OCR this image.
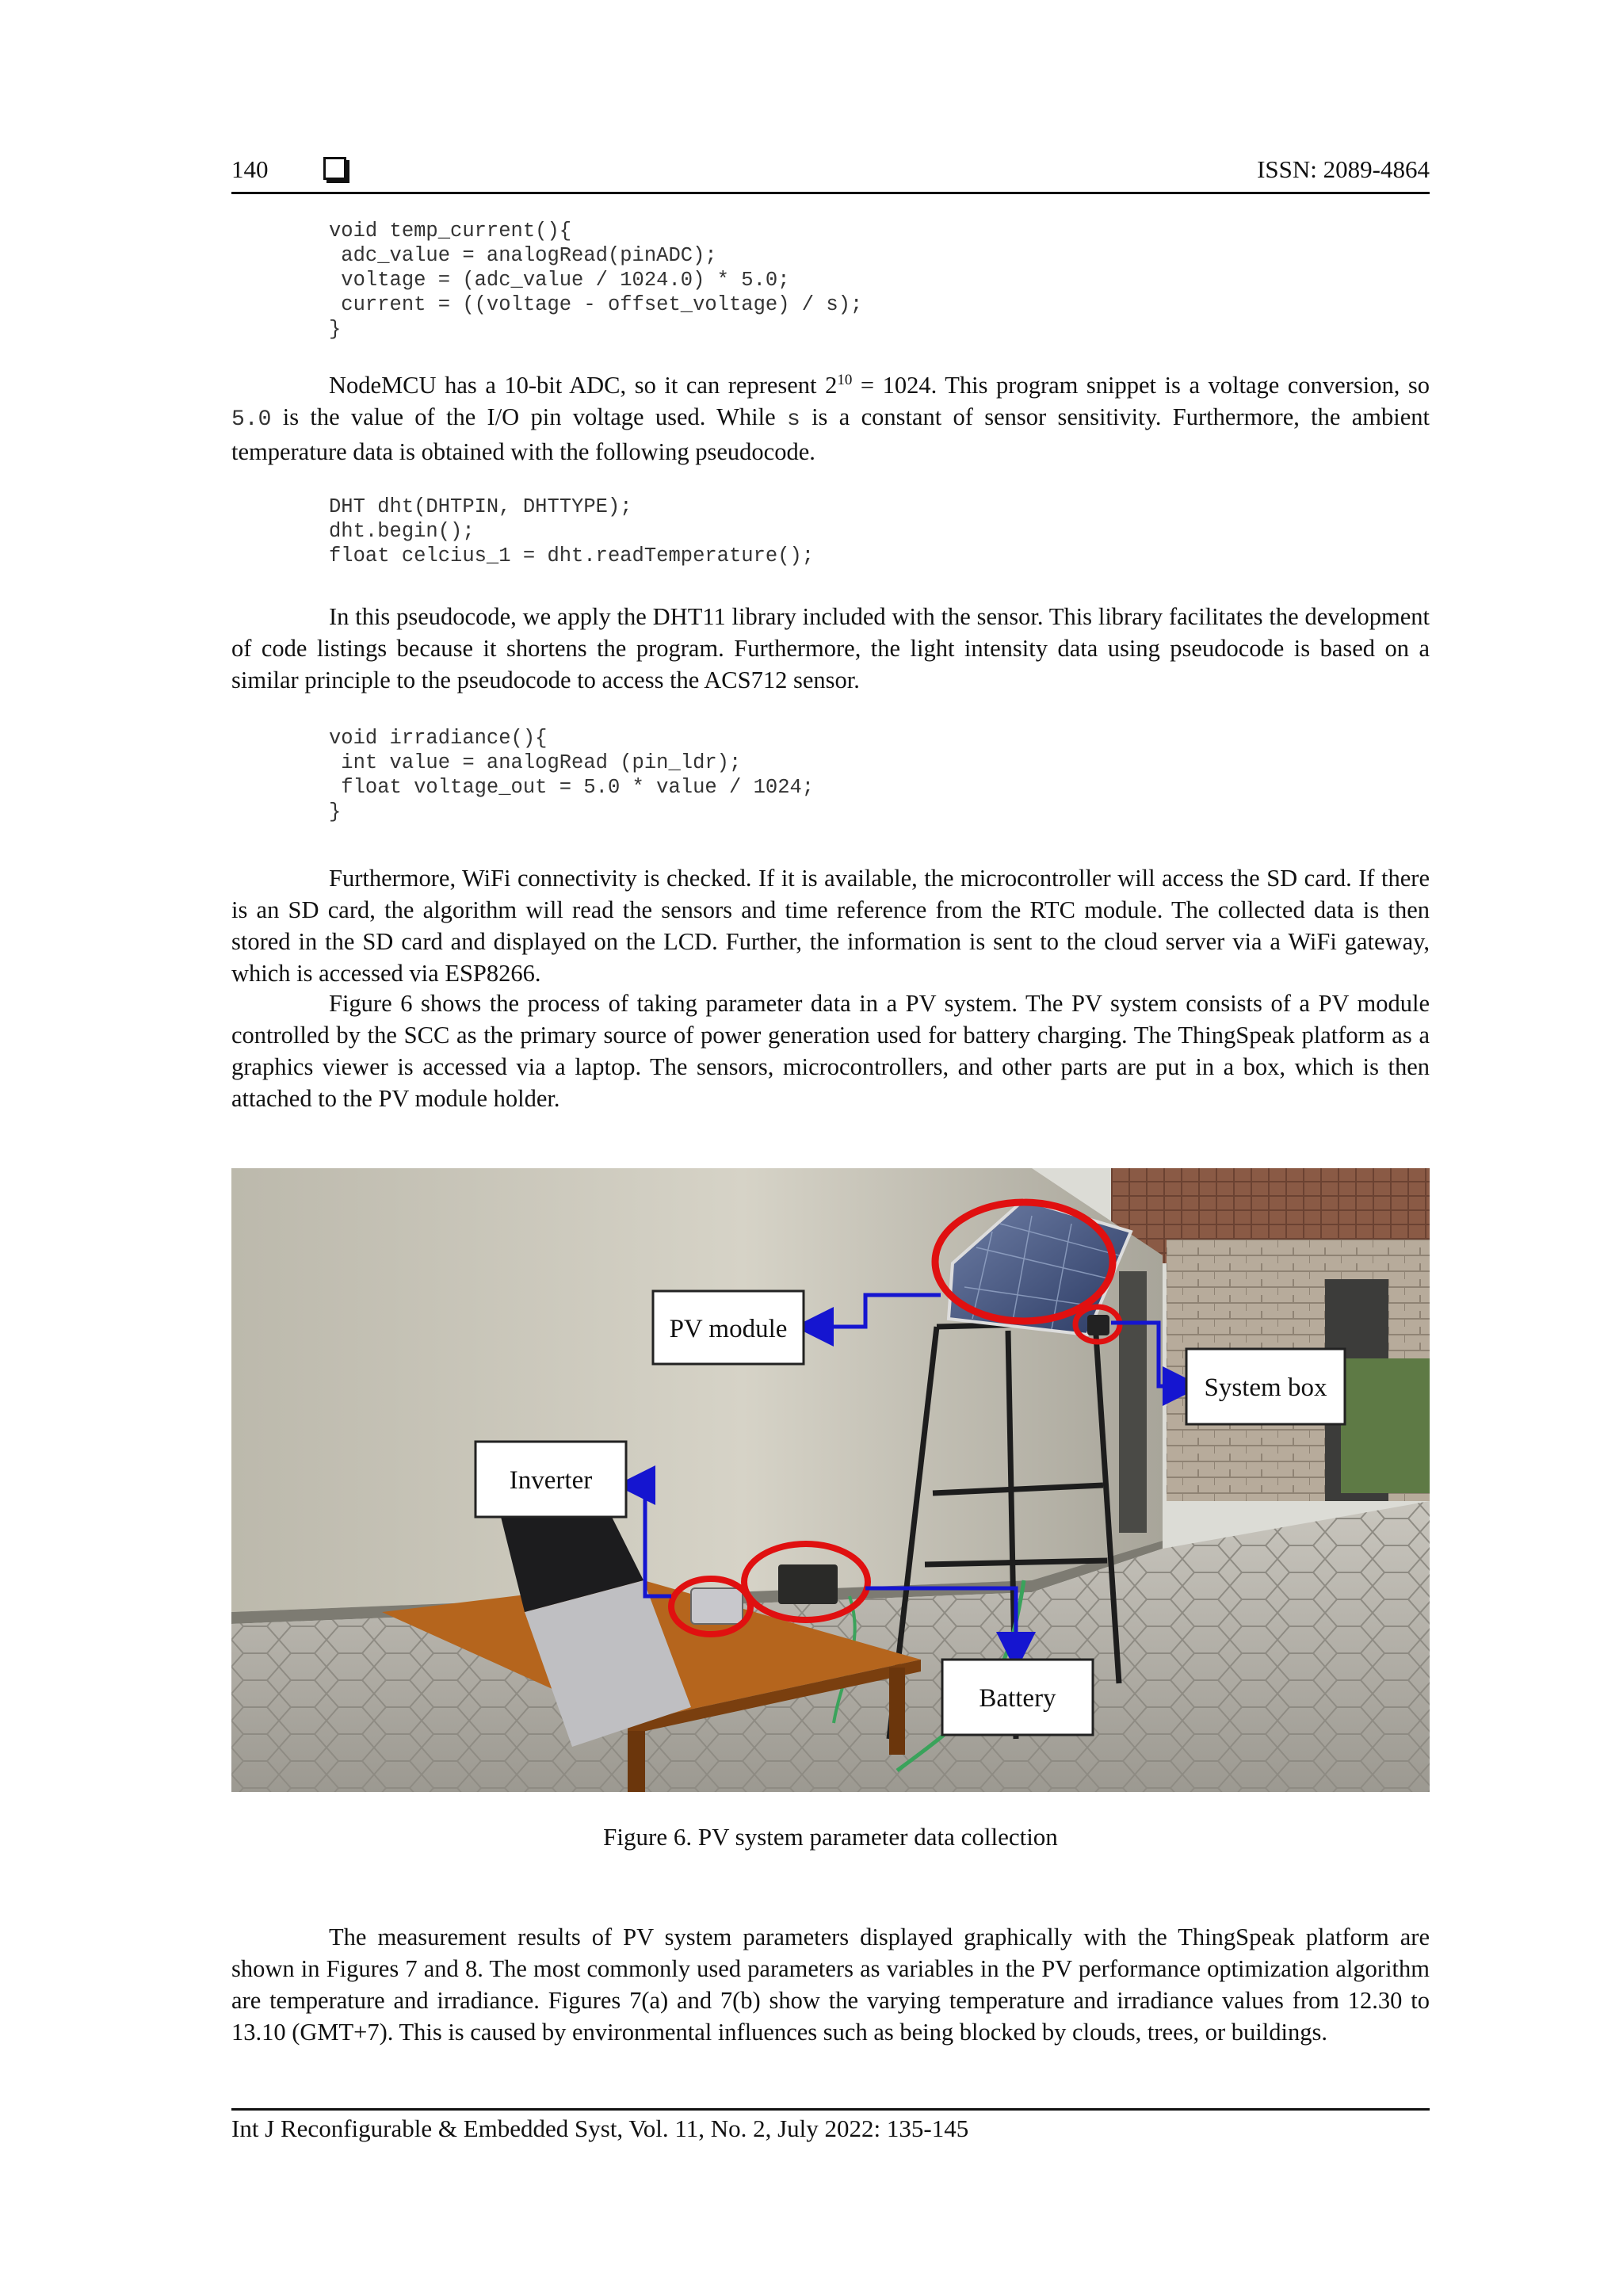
140	ISSN: 2089-4864
void temp_current(){
adc_value = analogRead(pinADC);
voltage = (adc_value / 1024.0) * 5.0;
current = ((voltage - offset_voltage) / s);
}

NodeMCU has a 10-bit ADC, so it can represent $2^{10} = 1024$. This program snippet is a voltage conversion, so 5.0 is the value of the I/O pin voltage used. While s is a constant of sensor sensitivity. Furthermore, the ambient temperature data is obtained with the following pseudocode.

DHT dht(DHTPIN, DHTTYPE);
dht.begin();
float celcius_1 = dht.readTemperature();

In this pseudocode, we apply the DHT11 library included with the sensor. This library facilitates the development of code listings because it shortens the program. Furthermore, the light intensity data using pseudocode is based on a similar principle to the pseudocode to access the ACS712 sensor.

void irradiance(){
int value = analogRead (pin_ldr);
float voltage_out = 5.0 * value / 1024;
}

Furthermore, WiFi connectivity is checked. If it is available, the microcontroller will access the SD card. If there is an SD card, the algorithm will read the sensors and time reference from the RTC module. The collected data is then stored in the SD card and displayed on the LCD. Further, the information is sent to the cloud server via a WiFi gateway, which is accessed via ESP8266.

Figure 6 shows the process of taking parameter data in a PV system. The PV system consists of a PV module controlled by the SCC as the primary source of power generation used for battery charging. The ThingSpeak platform as a graphics viewer is accessed via a laptop. The sensors, microcontrollers, and other parts are put in a box, which is then attached to the PV module holder.

PV module
System box
Inverter
Battery
Figure 6. PV system parameter data collection

The measurement results of PV system parameters displayed graphically with the ThingSpeak platform are shown in Figures 7 and 8. The most commonly used parameters as variables in the PV performance optimization algorithm are temperature and irradiance. Figures 7(a) and 7(b) show the varying temperature and irradiance values from 12.30 to 13.10 (GMT+7). This is caused by environmental influences such as being blocked by clouds, trees, or buildings.

Int J Reconfigurable & Embedded Syst, Vol. 11, No. 2, July 2022: 135-145
